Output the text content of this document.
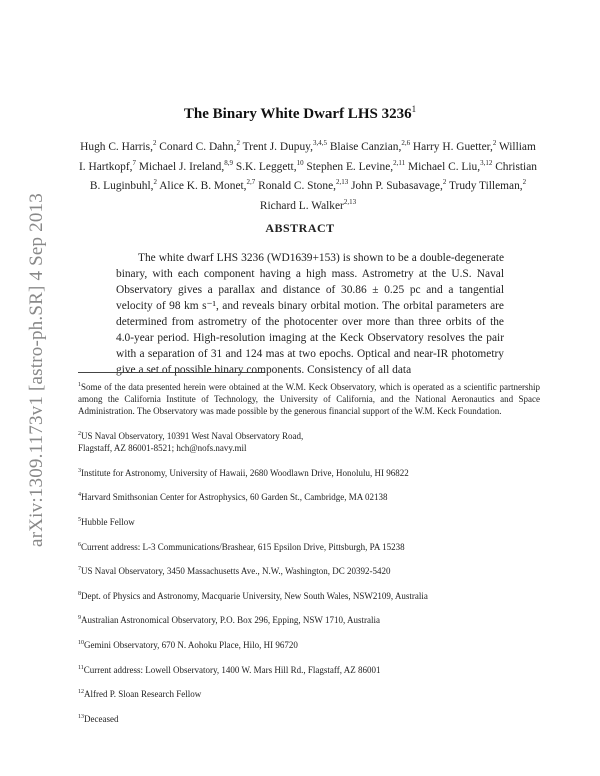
arXiv:1309.1173v1 [astro-ph.SR] 4 Sep 2013
The Binary White Dwarf LHS 3236$^1$
Hugh C. Harris,$^2$ Conard C. Dahn,$^2$ Trent J. Dupuy,$^{3,4,5}$ Blaise Canzian,$^{2,6}$ Harry H. Guetter,$^2$ William I. Hartkopf,$^7$ Michael J. Ireland,$^{8,9}$ S.K. Leggett,$^{10}$ Stephen E. Levine,$^{2,11}$ Michael C. Liu,$^{3,12}$ Christian B. Luginbuhl,$^2$ Alice K. B. Monet,$^{2,7}$ Ronald C. Stone,$^{2,13}$ John P. Subasavage,$^2$ Trudy Tilleman,$^2$ Richard L. Walker$^{2,13}$
ABSTRACT

The white dwarf LHS 3236 (WD1639+153) is shown to be a double-degenerate binary, with each component having a high mass. Astrometry at the U.S. Naval Observatory gives a parallax and distance of 30.86 ± 0.25 pc and a tangential velocity of 98 km s⁻¹, and reveals binary orbital motion. The orbital parameters are determined from astrometry of the photocenter over more than three orbits of the 4.0-year period. High-resolution imaging at the Keck Observatory resolves the pair with a separation of 31 and 124 mas at two epochs. Optical and near-IR photometry give a set of possible binary components. Consistency of all data

$^1$Some of the data presented herein were obtained at the W.M. Keck Observatory, which is operated as a scientific partnership among the California Institute of Technology, the University of California, and the National Aeronautics and Space Administration. The Observatory was made possible by the generous financial support of the W.M. Keck Foundation.
$^2$US Naval Observatory, 10391 West Naval Observatory Road,
Flagstaff, AZ 86001-8521; hch@nofs.navy.mil
$^3$Institute for Astronomy, University of Hawaii, 2680 Woodlawn Drive, Honolulu, HI 96822
$^4$Harvard Smithsonian Center for Astrophysics, 60 Garden St., Cambridge, MA 02138
$^5$Hubble Fellow
$^6$Current address: L-3 Communications/Brashear, 615 Epsilon Drive, Pittsburgh, PA 15238
$^7$US Naval Observatory, 3450 Massachusetts Ave., N.W., Washington, DC 20392-5420
$^8$Dept. of Physics and Astronomy, Macquarie University, New South Wales, NSW2109, Australia
$^9$Australian Astronomical Observatory, P.O. Box 296, Epping, NSW 1710, Australia
$^{10}$Gemini Observatory, 670 N. Aohoku Place, Hilo, HI 96720
$^{11}$Current address: Lowell Observatory, 1400 W. Mars Hill Rd., Flagstaff, AZ 86001
$^{12}$Alfred P. Sloan Research Fellow
$^{13}$Deceased
